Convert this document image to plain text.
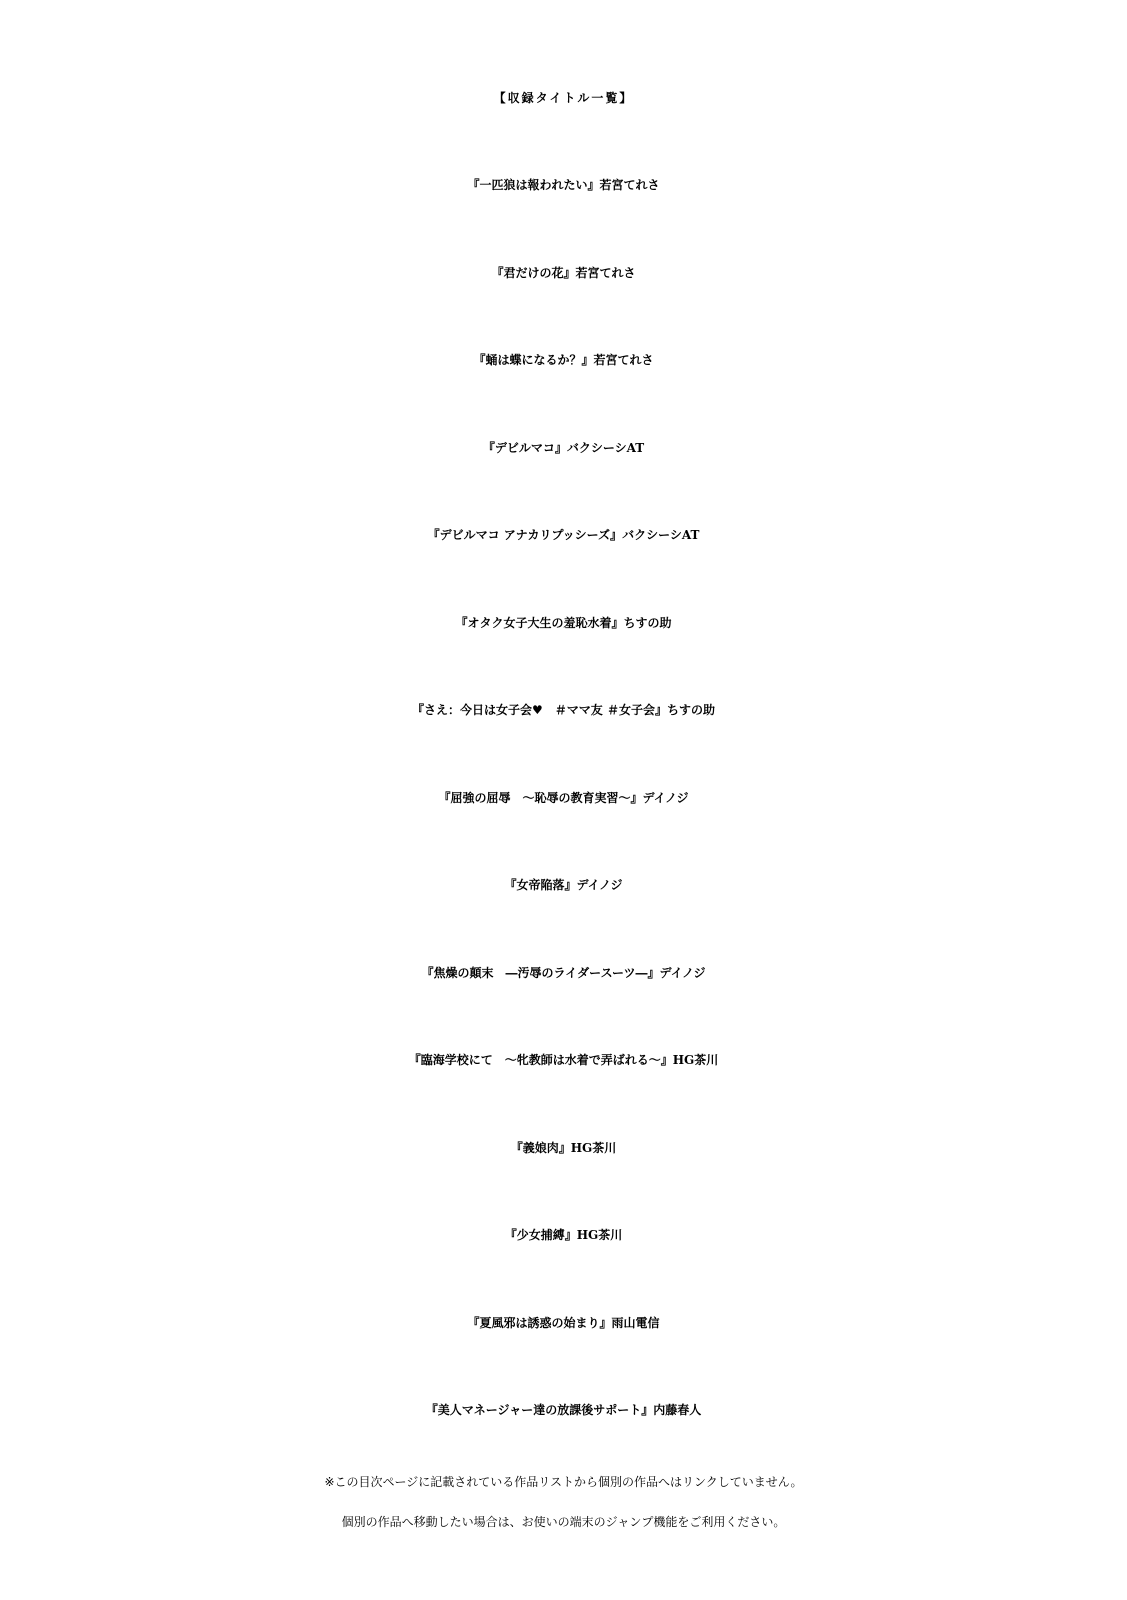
【収録タイトル一覧】
『一匹狼は報われたい』若宮てれさ
『君だけの花』若宮てれさ
『蛹は蝶になるか？』若宮てれさ
『デビルマコ』バクシーシAT
『デビルマコ アナカリプッシーズ』バクシーシAT
『オタク女子大生の羞恥水着』ちすの助
『さえ：今日は女子会♥　＃ママ友 ＃女子会』ちすの助
『屈強の屈辱　～恥辱の教育実習～』デイノジ
『女帝陥落』デイノジ
『焦燥の顛末　―汚辱のライダースーツ―』デイノジ
『臨海学校にて　～牝教師は水着で弄ばれる～』HG茶川
『義娘肉』HG茶川
『少女捕縛』HG茶川
『夏風邪は誘惑の始まり』雨山電信
『美人マネージャー達の放課後サポート』内藤春人
※この目次ページに記載されている作品リストから個別の作品へはリンクしていません。
個別の作品へ移動したい場合は、お使いの端末のジャンプ機能をご利用ください。
